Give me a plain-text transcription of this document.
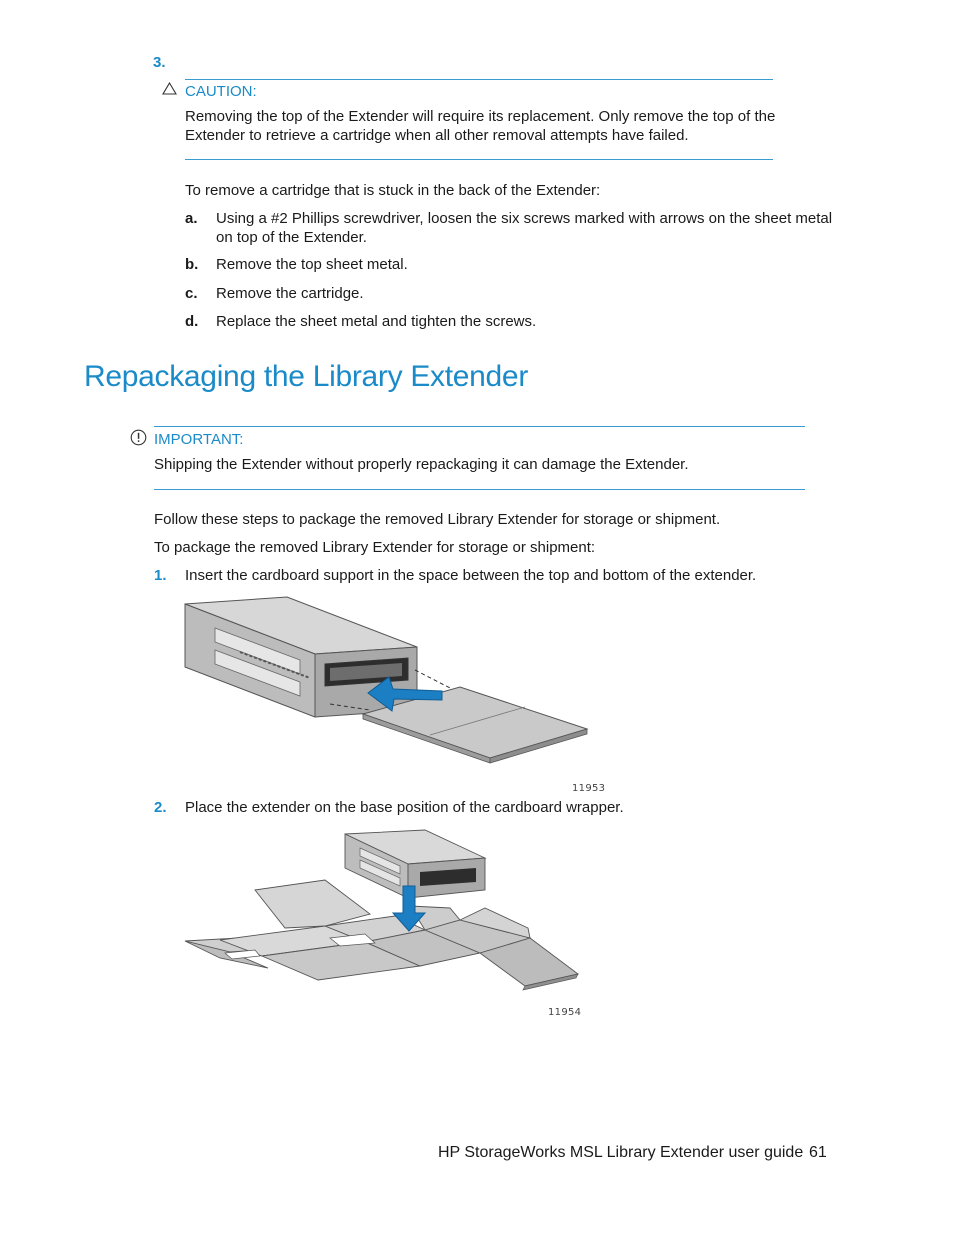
3.
CAUTION:
Removing the top of the Extender will require its replacement. Only remove the top of the
Extender to retrieve a cartridge when all other removal attempts have failed.
To remove a cartridge that is stuck in the back of the Extender:
a. Using a #2 Phillips screwdriver, loosen the six screws marked with arrows on the sheet metal
on top of the Extender.
b. Remove the top sheet metal.
c. Remove the cartridge.
d. Replace the sheet metal and tighten the screws.
Repackaging the Library Extender
IMPORTANT:
Shipping the Extender without properly repackaging it can damage the Extender.
Follow these steps to package the removed Library Extender for storage or shipment.
To package the removed Library Extender for storage or shipment:
1. Insert the cardboard support in the space between the top and bottom of the extender.
11953
2. Place the extender on the base position of the cardboard wrapper.
11954
HP StorageWorks MSL Library Extender user guide 61
